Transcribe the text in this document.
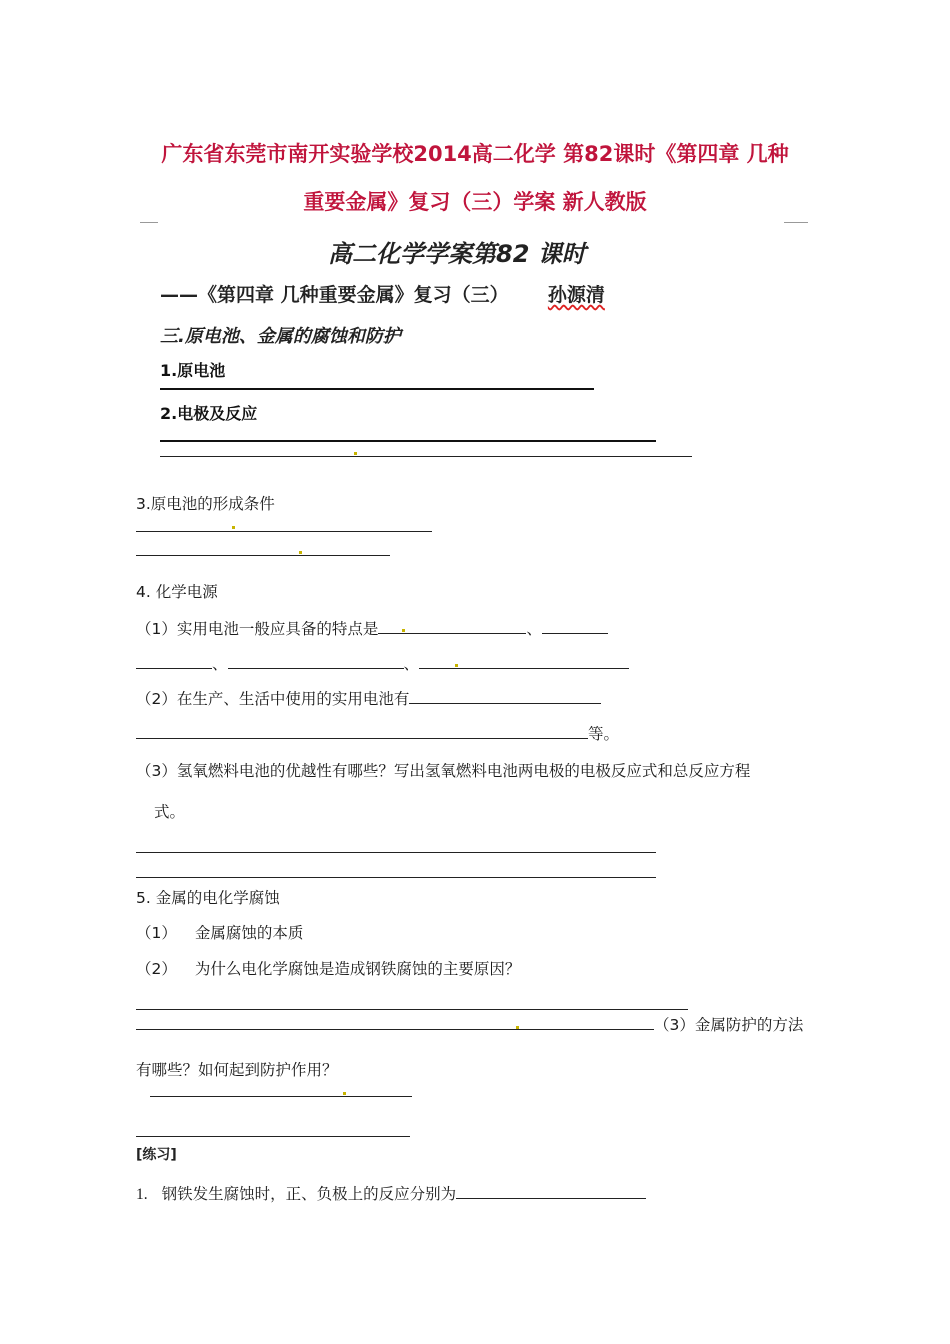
广东省东莞市南开实验学校2014高二化学 第82课时《第四章 几种
重要金属》复习（三）学案 新人教版
高二化学学案第82 课时
——《第四章 几种重要金属》复习（三） 孙源清
三.原电池、金属的腐蚀和防护
1.原电池
2.电极及反应
3.原电池的形成条件
4. 化学电源
（1）实用电池一般应具备的特点是	、
、	、
（2）在生产、生活中使用的实用电池有
等。
（3）氢氧燃料电池的优越性有哪些？写出氢氧燃料电池两电极的电极反应式和总反应方程
式。
5. 金属的电化学腐蚀
（1） 金属腐蚀的本质
（2） 为什么电化学腐蚀是造成钢铁腐蚀的主要原因？
（3）金属防护的方法
有哪些？如何起到防护作用？
[练习]
1. 钢铁发生腐蚀时，正、负极上的反应分别为
